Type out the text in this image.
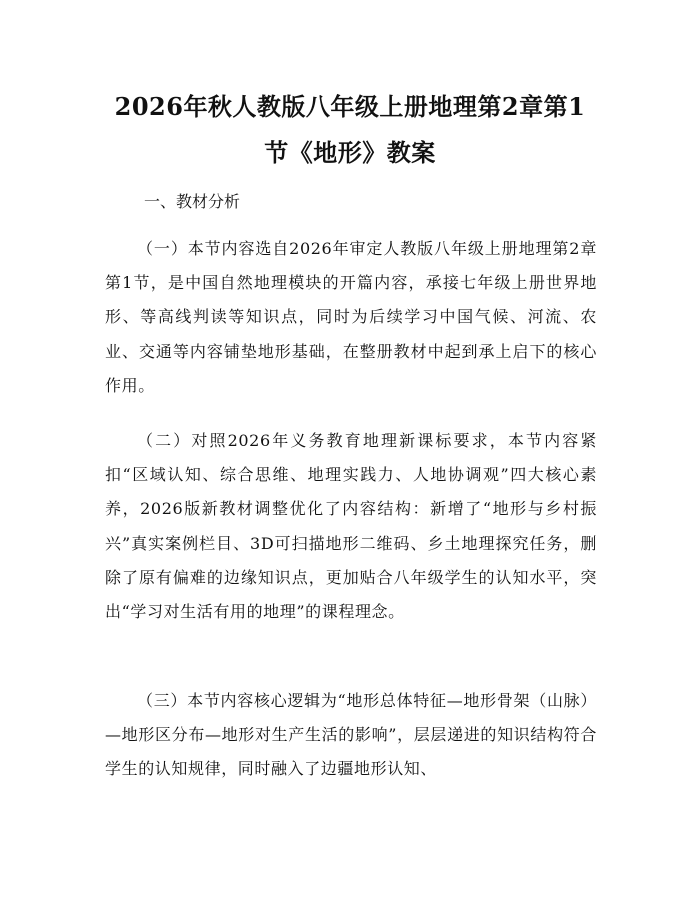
2026年秋人教版八年级上册地理第2章第1
节《地形》教案

一、教材分析

（一）本节内容选自2026年审定人教版八年级上册地理第2章第1节，是中国自然地理模块的开篇内容，承接七年级上册世界地形、等高线判读等知识点，同时为后续学习中国气候、河流、农业、交通等内容铺垫地形基础，在整册教材中起到承上启下的核心作用。

（二）对照2026年义务教育地理新课标要求，本节内容紧扣“区域认知、综合思维、地理实践力、人地协调观”四大核心素养，2026版新教材调整优化了内容结构：新增了“地形与乡村振兴”真实案例栏目、3D可扫描地形二维码、乡土地理探究任务，删除了原有偏难的边缘知识点，更加贴合八年级学生的认知水平，突出“学习对生活有用的地理”的课程理念。

（三）本节内容核心逻辑为“地形总体特征—地形骨架（山脉）—地形区分布—地形对生产生活的影响”，层层递进的知识结构符合学生的认知规律，同时融入了边疆地形认知、
